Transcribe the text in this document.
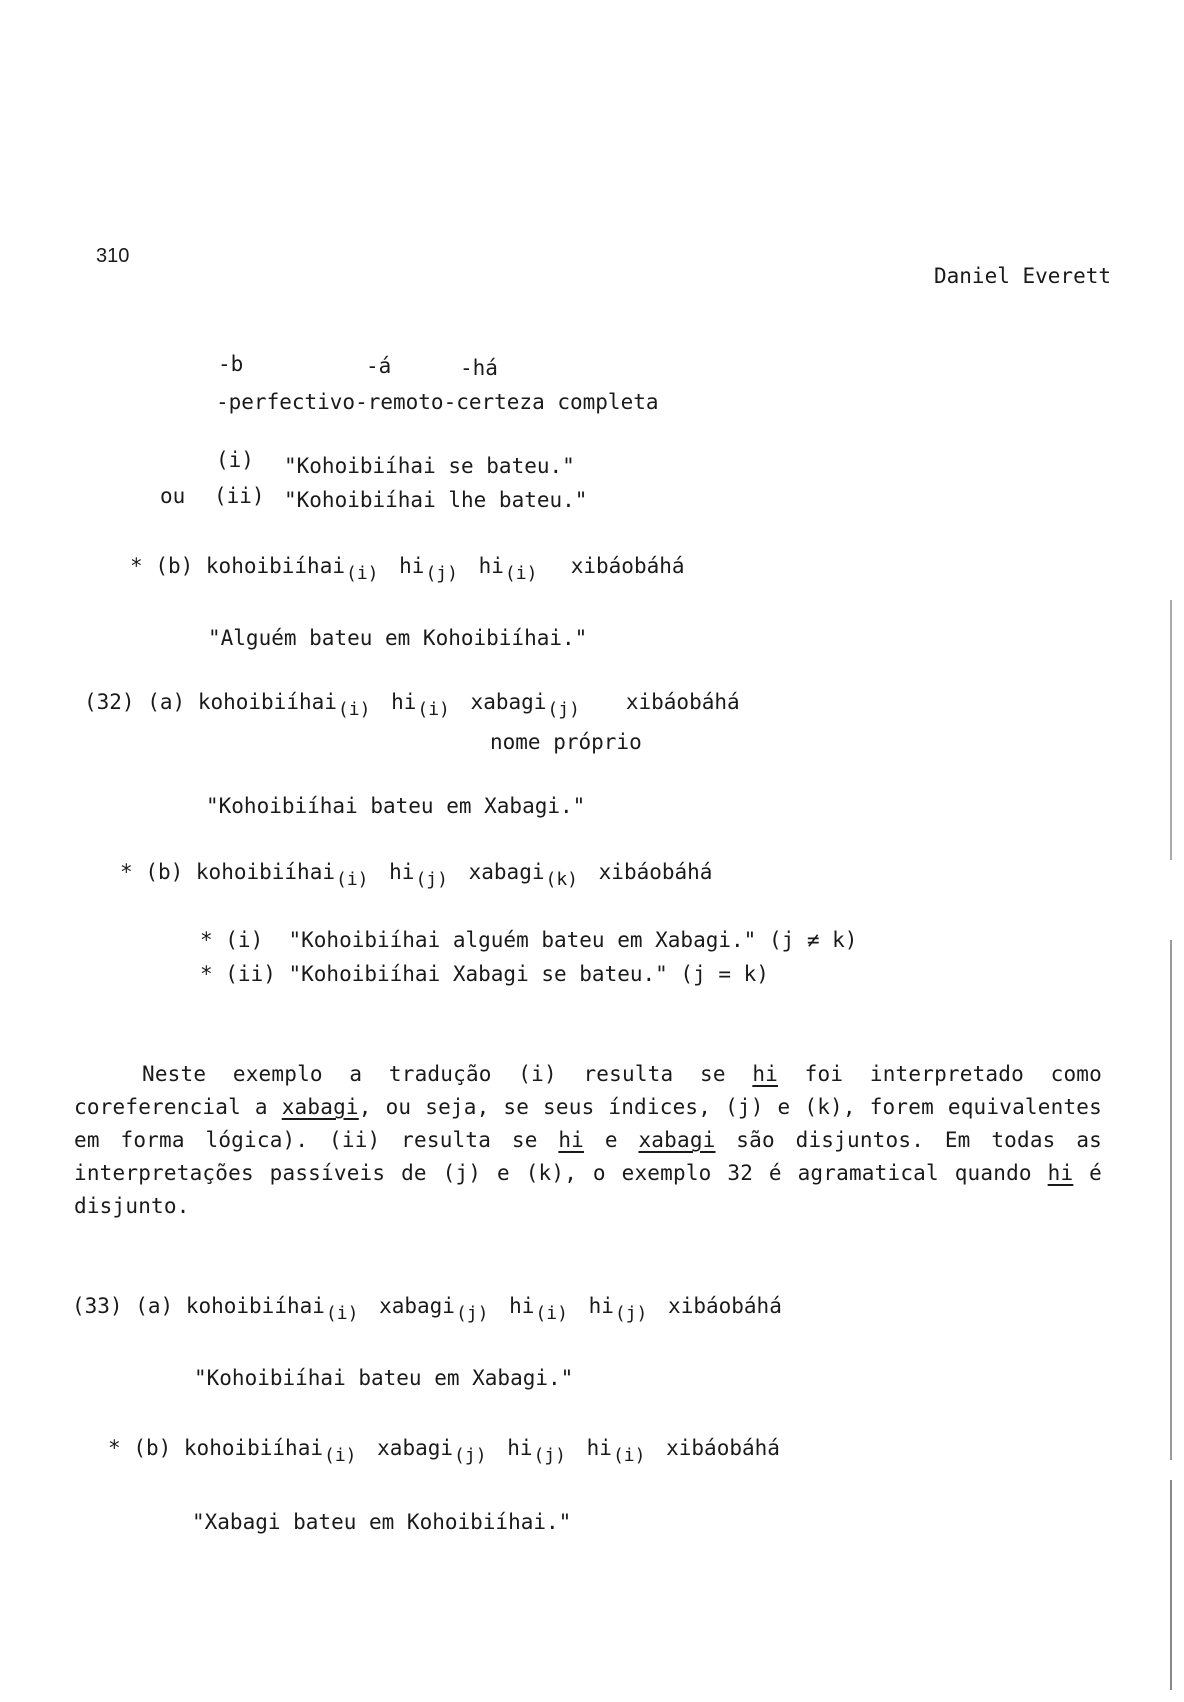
310
Daniel Everett
-b	-á	-há
-perfectivo-remoto-certeza completa
(i) "Kohoibiíhai se bateu."
ou (ii) "Kohoibiíhai lhe bateu."
* (b) kohoibiíhai$_{(i)}$ $hi_{(j)}$ $hi_{(i)}$ xibáobáhá
"Alguém bateu em Kohoibiíhai."
(32) (a) kohoibiíhai$_{(i)}$ $hi_{(i)}$ xabagi$_{(j)}$ xibáobáhá
nome próprio
"Kohoibiíhai bateu em Xabagi."
* (b) kohoibiíhai$_{(i)}$ $hi_{(j)}$ xabagi$_{(k)}$ xibáobáhá
* (i)  "Kohoibiíhai alguém bateu em Xabagi." (j ≠ k)
* (ii) "Kohoibiíhai Xabagi se bateu." (j = k)

Neste exemplo a tradução (i) resulta se hi foi interpretado como coreferencial a xabagi, ou seja, se seus índices, (j) e (k), forem equivalentes em forma lógica). (ii) resulta se hi e xabagi são disjuntos. Em todas as interpretações passíveis de (j) e (k), o exemplo 32 é agramatical quando hi é disjunto.

(33) (a) kohoibiíhai$_{(i)}$ xabagi$_{(j)}$ $hi_{(i)}$ $hi_{(j)}$ xibáobáhá
"Kohoibiíhai bateu em Xabagi."
* (b) kohoibiíhai$_{(i)}$ xabagi$_{(j)}$ $hi_{(j)}$ $hi_{(i)}$ xibáobáhá
"Xabagi bateu em Kohoibiíhai."
